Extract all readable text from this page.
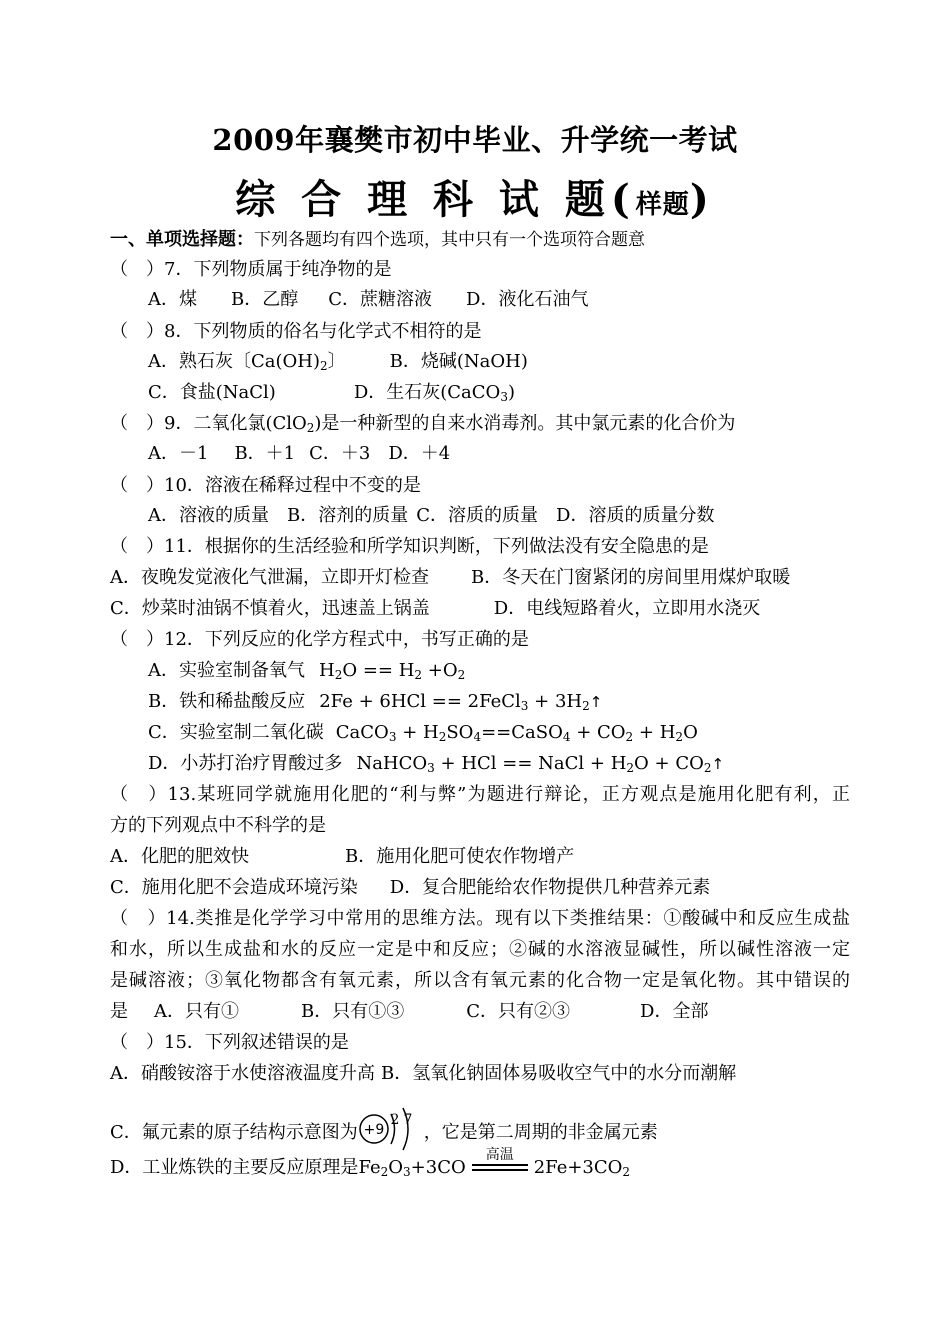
2009年襄樊市初中毕业、升学统一考试
综 合 理 科 试 题(样题)
一、单项选择题：下列各题均有四个选项，其中只有一个选项符合题意
（　）7．下列物质属于纯净物的是
A．煤 B．乙醇 C．蔗糖溶液 D．液化石油气
（　）8．下列物质的俗名与化学式不相符的是
A．熟石灰〔Ca(OH)2〕 B．烧碱(NaOH)
C．食盐(NaCl)	D．生石灰(CaCO3)
（　）9．二氧化氯(ClO2)是一种新型的自来水消毒剂。其中氯元素的化合价为
A．－1 B．＋1 C．＋3 D．＋4
（　）10．溶液在稀释过程中不变的是
A．溶液的质量 B．溶剂的质量 C．溶质的质量 D．溶质的质量分数
（　）11．根据你的生活经验和所学知识判断，下列做法没有安全隐患的是
A．夜晚发觉液化气泄漏，立即开灯检查 B．冬天在门窗紧闭的房间里用煤炉取暖
C．炒菜时油锅不慎着火，迅速盖上锅盖	D．电线短路着火，立即用水浇灭
（　）12．下列反应的化学方程式中，书写正确的是
A．实验室制备氧气 H2O == H2 +O2
B．铁和稀盐酸反应 2Fe + 6HCl == 2FeCl3 + 3H2↑
C．实验室制二氧化碳 CaCO3 + H2SO4==CaSO4 + CO2 + H2O
D．小苏打治疗胃酸过多 NaHCO3 + HCl == NaCl + H2O + CO2↑
（　）13.某班同学就施用化肥的“利与弊”为题进行辩论，正方观点是施用化肥有利，正
方的下列观点中不科学的是
A．化肥的肥效快	B．施用化肥可使农作物增产
C．施用化肥不会造成环境污染 D．复合肥能给农作物提供几种营养元素
（　）14.类推是化学学习中常用的思维方法。现有以下类推结果：①酸碱中和反应生成盐
和水，所以生成盐和水的反应一定是中和反应；②碱的水溶液显碱性，所以碱性溶液一定
是碱溶液；③氧化物都含有氧元素，所以含有氧元素的化合物一定是氧化物。其中错误的
是 A．只有①	B．只有①③	C．只有②③	D．全部
（　）15．下列叙述错误的是
A．硝酸铵溶于水使溶液温度升高 B．氢氧化钠固体易吸收空气中的水分而潮解
C．氟元素的原子结构示意图为 +9
2 7
，它是第二周期的非金属元素
D．工业炼铁的主要反应原理是Fe2O3+3CO
高温
2Fe+3CO2
